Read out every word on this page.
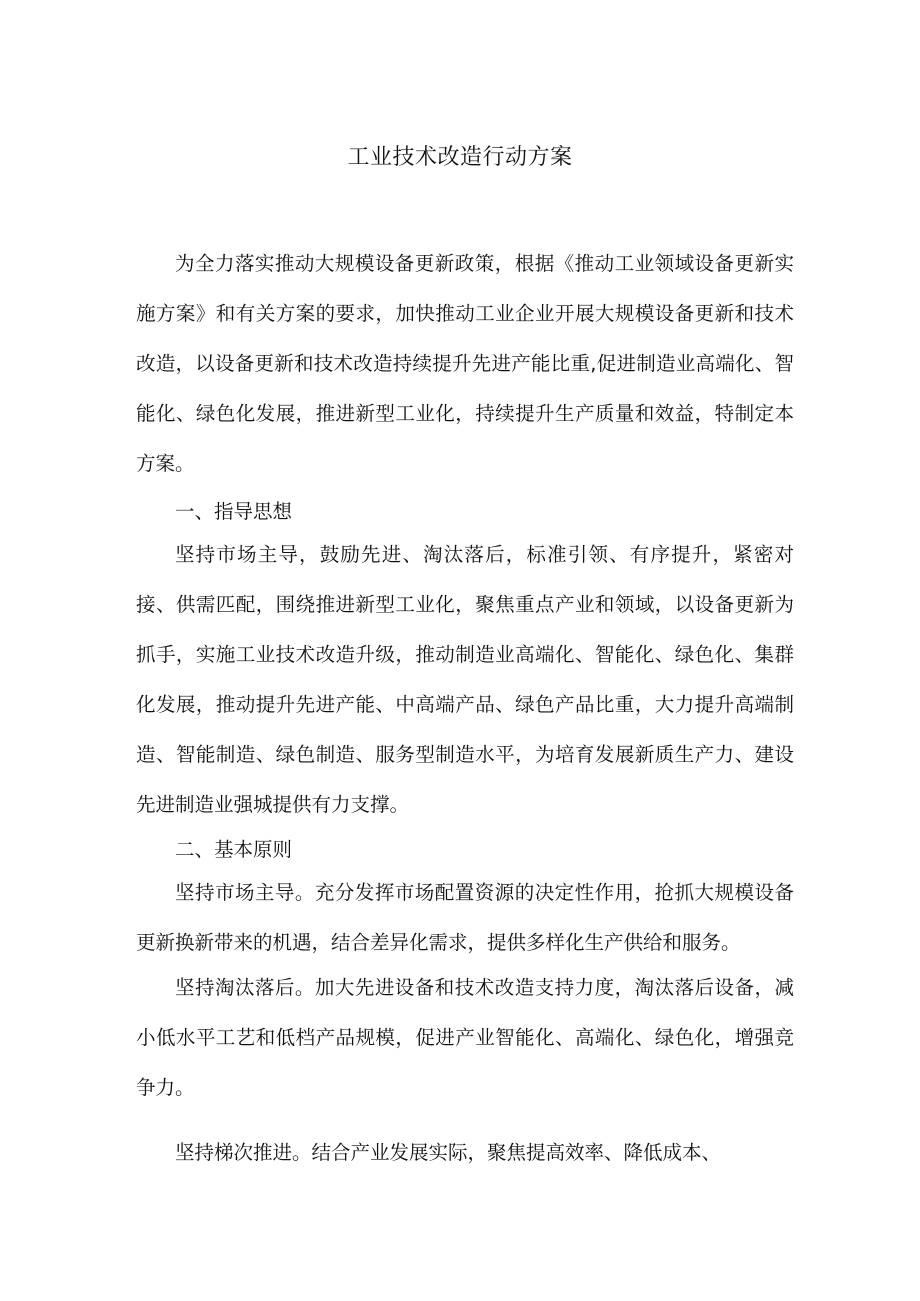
工业技术改造行动方案

为全力落实推动大规模设备更新政策，根据《推动工业领域设备更新实施方案》和有关方案的要求，加快推动工业企业开展大规模设备更新和技术改造，以设备更新和技术改造持续提升先进产能比重,促进制造业高端化、智能化、绿色化发展，推进新型工业化，持续提升生产质量和效益，特制定本方案。

一、指导思想

坚持市场主导，鼓励先进、淘汰落后，标准引领、有序提升，紧密对接、供需匹配，围绕推进新型工业化，聚焦重点产业和领域，以设备更新为抓手，实施工业技术改造升级，推动制造业高端化、智能化、绿色化、集群化发展，推动提升先进产能、中高端产品、绿色产品比重，大力提升高端制造、智能制造、绿色制造、服务型制造水平，为培育发展新质生产力、建设先进制造业强城提供有力支撑。

二、基本原则

坚持市场主导。充分发挥市场配置资源的决定性作用，抢抓大规模设备更新换新带来的机遇，结合差异化需求，提供多样化生产供给和服务。

坚持淘汰落后。加大先进设备和技术改造支持力度，淘汰落后设备，减小低水平工艺和低档产品规模，促进产业智能化、高端化、绿色化，增强竞争力。

坚持梯次推进。结合产业发展实际，聚焦提高效率、降低成本、
